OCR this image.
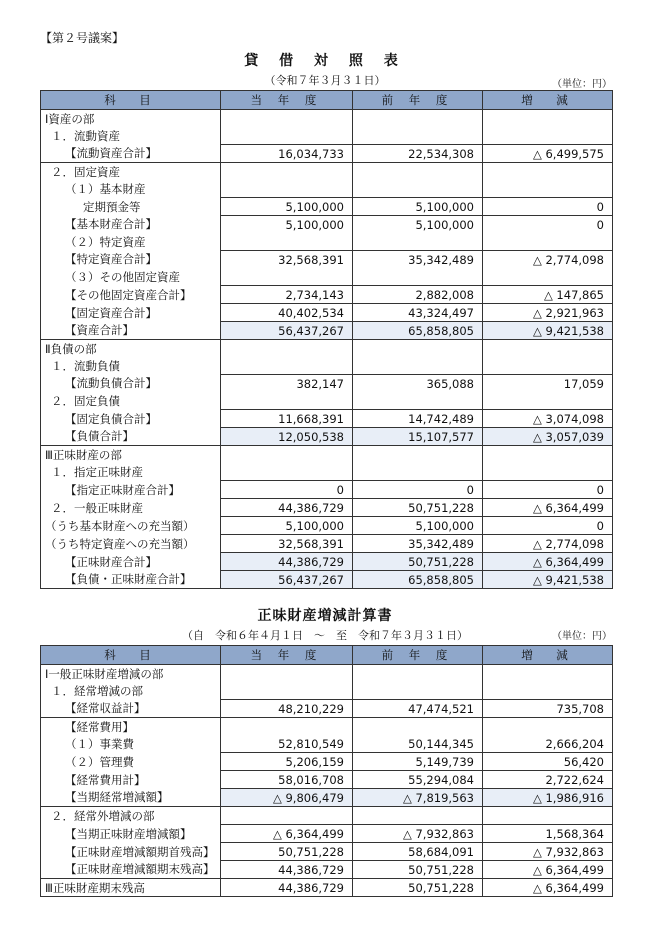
【第２号議案】
貸 借 対 照 表
（令和７年３月３１日）	（単位：円）
科　目	当 年 度	前 年 度	増　減
Ⅰ資産の部			
１．流動資産			
【流動資産合計】	16,034,733	22,534,308	△ 6,499,575
２．固定資産			
（１）基本財産			
定期預金等	5,100,000	5,100,000	0
【基本財産合計】	5,100,000	5,100,000	0
（２）特定資産			
【特定資産合計】	32,568,391	35,342,489	△ 2,774,098
（３）その他固定資産			
【その他固定資産合計】	2,734,143	2,882,008	△ 147,865
【固定資産合計】	40,402,534	43,324,497	△ 2,921,963
【資産合計】	56,437,267	65,858,805	△ 9,421,538
Ⅱ負債の部			
１．流動負債			
【流動負債合計】	382,147	365,088	17,059
２．固定負債			
【固定負債合計】	11,668,391	14,742,489	△ 3,074,098
【負債合計】	12,050,538	15,107,577	△ 3,057,039
Ⅲ正味財産の部			
１．指定正味財産			
【指定正味財産合計】	0	0	0
２．一般正味財産	44,386,729	50,751,228	△ 6,364,499
（うち基本財産への充当額）	5,100,000	5,100,000	0
（うち特定資産への充当額）	32,568,391	35,342,489	△ 2,774,098
【正味財産合計】	44,386,729	50,751,228	△ 6,364,499
【負債・正味財産合計】	56,437,267	65,858,805	△ 9,421,538
正味財産増減計算書
（自　令和６年４月１日　～　至　令和７年３月３１日）	（単位：円）
科　目	当 年 度	前 年 度	増　減
Ⅰ一般正味財産増減の部			
１．経常増減の部			
【経常収益計】	48,210,229	47,474,521	735,708
【経常費用】			
（１）事業費	52,810,549	50,144,345	2,666,204
（２）管理費	5,206,159	5,149,739	56,420
【経常費用計】	58,016,708	55,294,084	2,722,624
【当期経常増減額】	△ 9,806,479	△ 7,819,563	△ 1,986,916
２．経常外増減の部			
【当期正味財産増減額】	△ 6,364,499	△ 7,932,863	1,568,364
【正味財産増減額期首残高】	50,751,228	58,684,091	△ 7,932,863
【正味財産増減額期末残高】	44,386,729	50,751,228	△ 6,364,499
Ⅲ正味財産期末残高	44,386,729	50,751,228	△ 6,364,499
